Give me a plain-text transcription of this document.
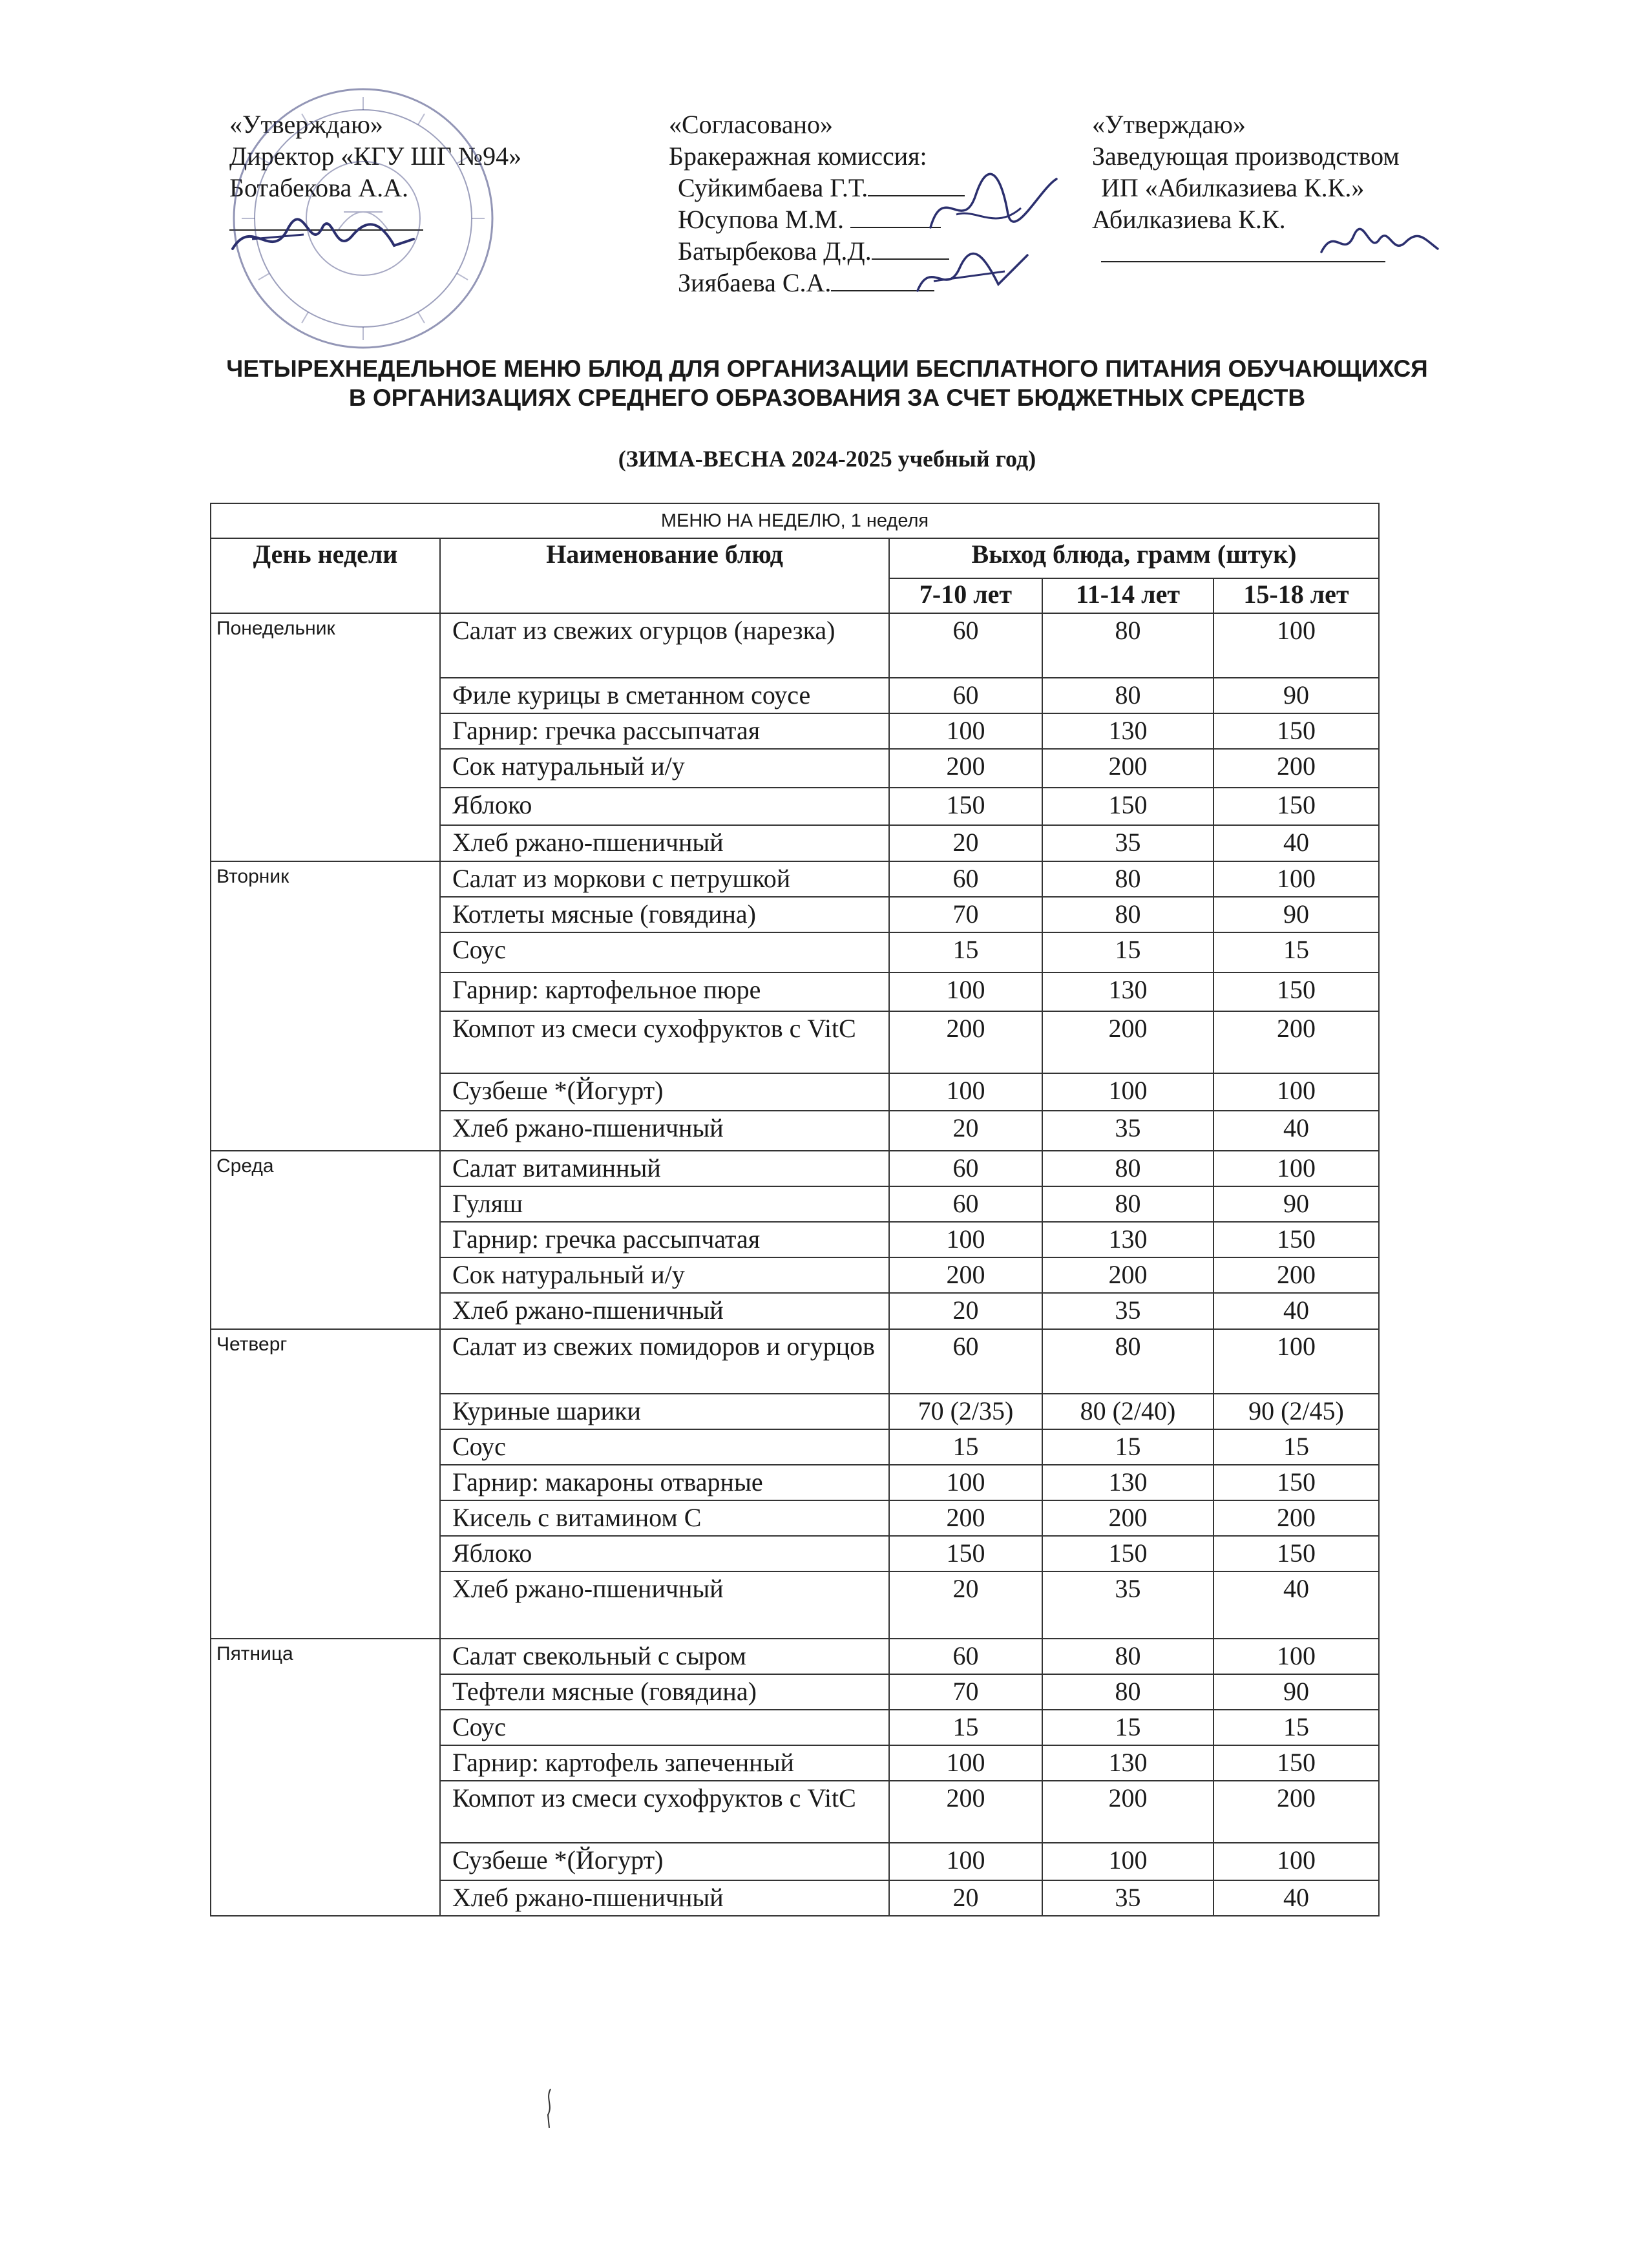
«Утверждаю»
Директор «КГУ ШГ №94»
Ботабекова А.А.
«Согласовано»
Бракеражная комиссия:
Суйкимбаева Г.Т.
Юсупова М.М.
Батырбекова Д.Д.
Зиябаева С.А.
«Утверждаю»
Заведующая производством
ИП «Абилказиева К.К.»
Абилказиева К.К.
ЧЕТЫРЕХНЕДЕЛЬНОЕ МЕНЮ БЛЮД ДЛЯ ОРГАНИЗАЦИИ БЕСПЛАТНОГО ПИТАНИЯ ОБУЧАЮЩИХСЯ В ОРГАНИЗАЦИЯХ СРЕДНЕГО ОБРАЗОВАНИЯ ЗА СЧЕТ БЮДЖЕТНЫХ СРЕДСТВ
(ЗИМА-ВЕСНА 2024-2025 учебный год)
МЕНЮ НА НЕДЕЛЮ, 1 неделя				
День недели	Наименование блюд	Выход блюда, грамм (штук)		
		7-10 лет	11-14 лет	15-18 лет
Понедельник	Салат из свежих огурцов (нарезка)	60	80	100
	Филе курицы в сметанном соусе	60	80	90
	Гарнир: гречка рассыпчатая	100	130	150
	Сок натуральный и/у	200	200	200
	Яблоко	150	150	150
	Хлеб ржано-пшеничный	20	35	40
Вторник	Салат из моркови с петрушкой	60	80	100
	Котлеты мясные (говядина)	70	80	90
	Соус	15	15	15
	Гарнир: картофельное пюре	100	130	150
	Компот из смеси сухофруктов с VitC	200	200	200
	Сузбеше *(Йогурт)	100	100	100
	Хлеб ржано-пшеничный	20	35	40
Среда	Салат витаминный	60	80	100
	Гуляш	60	80	90
	Гарнир: гречка рассыпчатая	100	130	150
	Сок натуральный и/у	200	200	200
	Хлеб ржано-пшеничный	20	35	40
Четверг	Салат из свежих помидоров и огурцов	60	80	100
	Куриные шарики	70 (2/35)	80 (2/40)	90 (2/45)
	Соус	15	15	15
	Гарнир: макароны отварные	100	130	150
	Кисель с витамином С	200	200	200
	Яблоко	150	150	150
	Хлеб ржано-пшеничный	20	35	40
Пятница	Салат свекольный с сыром	60	80	100
	Тефтели мясные (говядина)	70	80	90
	Соус	15	15	15
	Гарнир: картофель запеченный	100	130	150
	Компот из смеси сухофруктов с VitC	200	200	200
	Сузбеше *(Йогурт)	100	100	100
	Хлеб ржано-пшеничный	20	35	40
